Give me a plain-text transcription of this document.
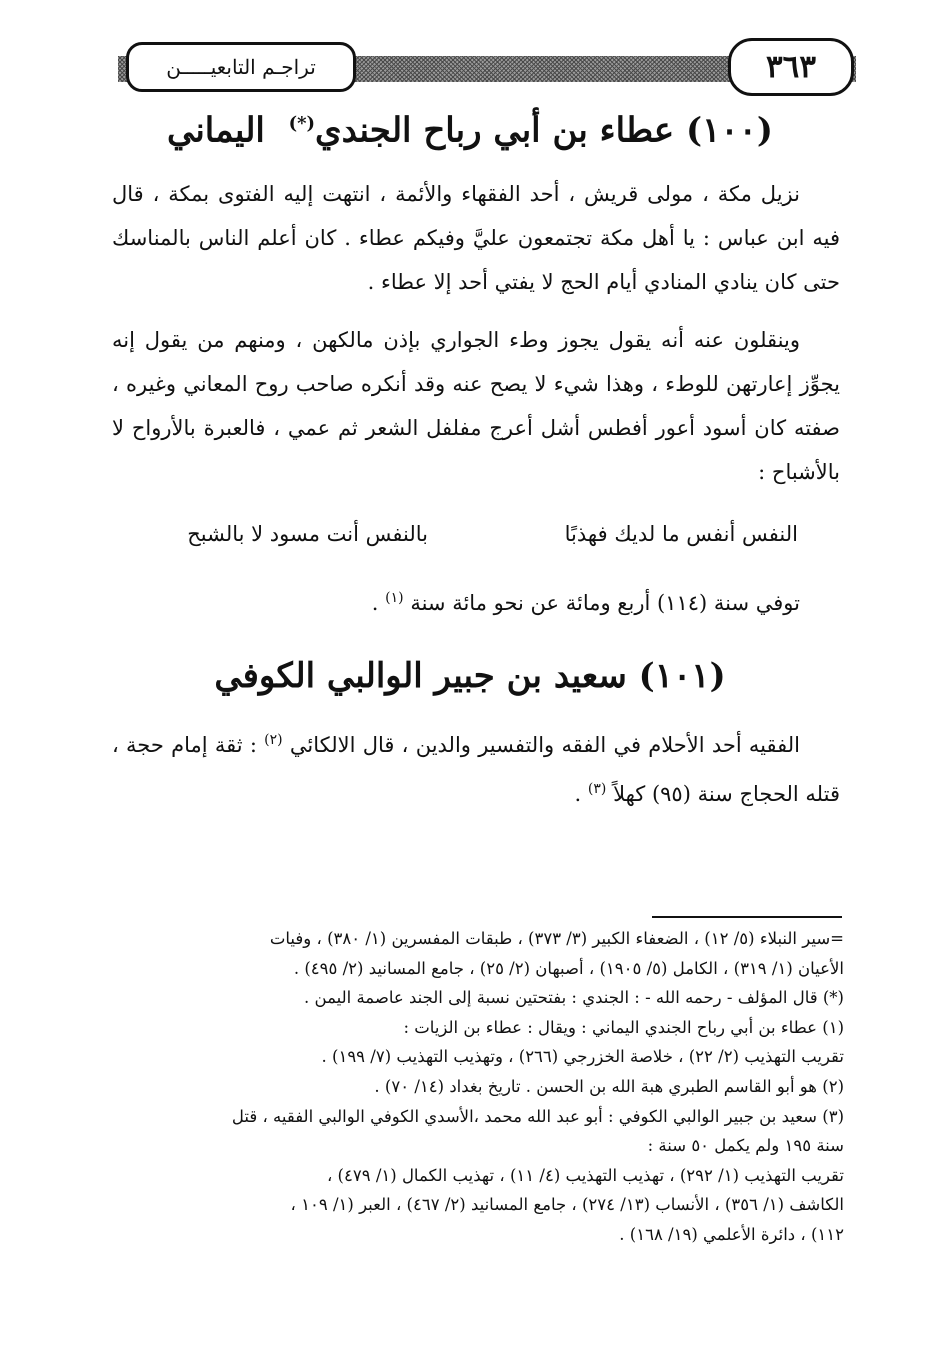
تراجـم التابعيـــــن	٣٦٣
(١٠٠) عطاء بن أبي رباح الجندي(*)  اليماني
نزيل مكة ، مولى قريش ، أحد الفقهاء والأئمة ، انتهت إليه الفتوى بمكة ، قال فيه ابن عباس : يا أهل مكة تجتمعون عليَّ وفيكم عطاء . كان أعلم الناس بالمناسك حتى كان ينادي المنادي أيام الحج لا يفتي أحد إلا عطاء .
وينقلون عنه أنه يقول يجوز وطء الجواري بإذن مالكهن ، ومنهم من يقول إنه يجوِّز إعارتهن للوطء ، وهذا شيء لا يصح عنه وقد أنكره صاحب روح المعاني وغيره ، صفته كان أسود أعور أفطس أشل أعرج مفلفل الشعر ثم عمي ، فالعبرة بالأرواح لا بالأشباح :
النفس أنفس ما لديك فهذبًا
بالنفس أنت مسود لا بالشبح
توفي سنة (١١٤) أربع ومائة عن نحو مائة سنة $^{(١)}$ .
(١٠١) سعيد بن جبير الوالبي الكوفي
الفقيه أحد الأحلام في الفقه والتفسير والدين ، قال الالكائي $^{(٢)}$ : ثقة إمام حجة ، قتله الحجاج سنة (٩٥) كهلاً $^{(٣)}$ .
=سير النبلاء (٥/ ١٢) ، الضعفاء الكبير (٣/ ٣٧٣) ، طبقات المفسرين (١/ ٣٨٠) ، وفيات
الأعيان (١/ ٣١٩) ، الكامل (٥/ ١٩٠٥) ، أصبهان (٢/ ٢٥) ، جامع المسانيد (٢/ ٤٩٥) .
(*) قال المؤلف - رحمه الله - : الجندي : بفتحتين نسبة إلى الجند عاصمة اليمن .
(١) عطاء بن أبي رباح الجندي اليماني : ويقال : عطاء بن الزيات :
تقريب التهذيب (٢/ ٢٢) ، خلاصة الخزرجي (٢٦٦) ، وتهذيب التهذيب (٧/ ١٩٩) .
(٢) هو أبو القاسم الطبري هبة الله بن الحسن . تاريخ بغداد (١٤/ ٧٠) .
(٣) سعيد بن جبير الوالبي الكوفي : أبو عبد الله محمد ،الأسدي الكوفي الوالبي الفقيه ، قتل
سنة ١٩٥ ولم يكمل ٥٠ سنة :
تقريب التهذيب (١/ ٢٩٢) ، تهذيب التهذيب (٤/ ١١) ، تهذيب الكمال (١/ ٤٧٩) ،
الكاشف (١/ ٣٥٦) ، الأنساب (١٣/ ٢٧٤) ، جامع المسانيد (٢/ ٤٦٧) ، العبر (١/ ١٠٩ ،
١١٢) ، دائرة الأعلمي (١٩/ ١٦٨) .
